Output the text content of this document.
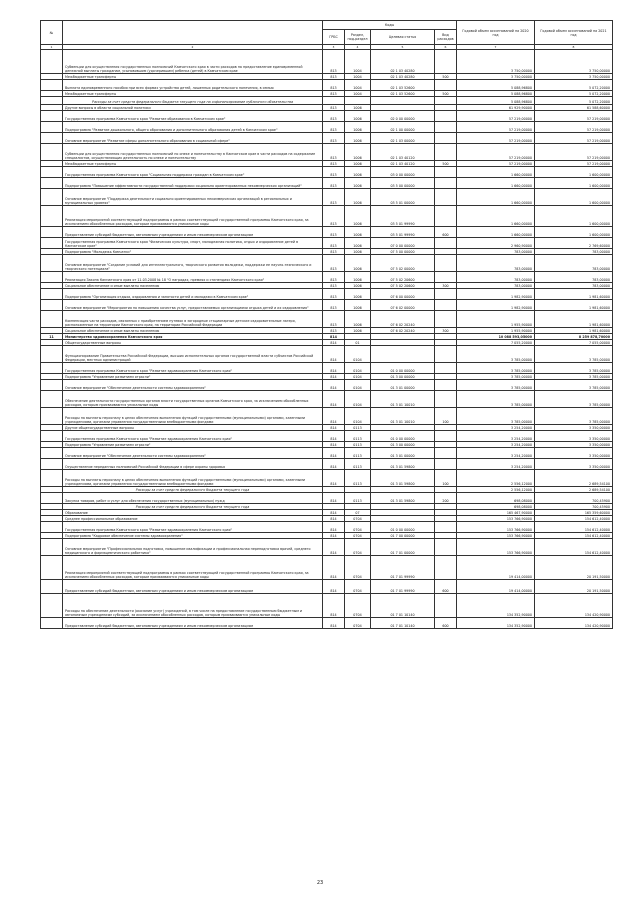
№		Коды				Годовой объем ассигнований на 2020 год	Годовой объем ассигнований на 2021 год
		ГРБС	Раздел, под-раздел	Целевая статья	Вид расходов		
1	2	3	4	5	6	7	8
	Субвенции для осуществления государственных полномочий Камчатского края в части расходов на предоставление единовременной денежной выплаты гражданам, усыновившим (удочерившим) ребенка (детей) в Камчатском крае	813	1004	02 1 03 40280		3 750,00000	3 750,00000
	Межбюджетные трансферты	813	1004	02 1 03 40280	500	3 750,00000	3 750,00000
	Выплата единовременного пособия при всех формах устройства детей, лишенных родительского попечения, в семью	813	1004	02 1 03 52600		5 088,96800	5 072,20000
	Межбюджетные трансферты	813	1004	02 1 03 52600	500	5 088,96800	5 072,20000
	Расходы за счет средств федерального бюджета текущего года на софинансирование публичного обязательства					5 088,96800	5 072,20000
	Другие вопросы в области социальной политики	813	1006			61 929,90000	61 588,60000
	Государственная программа Камчатского края "Развитие образования в Камчатском крае"	813	1006	02 0 00 00000		57 219,00000	57 219,00000
	Подпрограмма "Развитие дошкольного, общего образования и дополнительного образования детей в Камчатском крае"	813	1006	02 1 00 00000		57 219,00000	57 219,00000
	Основное мероприятие "Развитие сферы дополнительного образования в социальной сфере"	813	1006	02 1 03 00000		57 219,00000	57 219,00000
	Субвенции для осуществления государственных полномочий по опеке и попечительству в Камчатском крае в части расходов на содержание специалистов, осуществляющих деятельность по опеке и попечительству	813	1006	02 1 03 40120		57 219,00000	57 219,00000
	Межбюджетные трансферты	813	1006	02 1 03 40120	500	57 219,00000	57 219,00000
	Государственная программа Камчатского края "Социальная поддержка граждан в Камчатском крае"	813	1006	03 0 00 00000		1 660,00000	1 600,00000
	Подпрограмма "Повышение эффективности государственной поддержки социально ориентированных некоммерческих организаций"	813	1006	03 5 00 00000		1 660,00000	1 600,00000
	Основное мероприятие "Поддержка деятельности социально ориентированных некоммерческих организаций в региональных и муниципальных уровнях"	813	1006	03 5 01 00000		1 660,00000	1 600,00000
	Реализация мероприятий соответствующей подпрограммы в рамках соответствующей государственной программы Камчатского края, за исключением обособленных расходов, которым присваиваются уникальные коды	813	1006	03 5 01 99990		1 660,00000	1 600,00000
	Предоставление субсидий бюджетным, автономным учреждениям и иным некоммерческим организациям	813	1006	03 5 01 99990	600	1 660,00000	1 600,00000
	Государственная программа Камчатского края "Физическая культура, спорт, молодежная политика, отдых и оздоровление детей в Камчатском крае"	813	1006	07 0 00 00000		2 960,90000	2 769,60000
	Подпрограмма "Молодежь Камчатки"	813	1006	07 5 00 00000		783,00000	783,00000
	Основное мероприятие "Создание условий для интеллектуального, творческого развития молодежи, поддержки ее научно-технического и творческого потенциала"	813	1006	07 5 02 00000		783,00000	783,00000
	Реализация Закона Камчатского края от 11.03.2008 № 18 "О наградах, премиях и стипендиях Камчатского края"	813	1006	07 5 02 20600		783,00000	783,00000
	Социальное обеспечение и иные выплаты населению	813	1006	07 5 02 20600	300	783,00000	783,00000
	Подпрограмма "Организация отдыха, оздоровления и занятости детей и молодежи в Камчатском крае"	813	1006	07 6 00 00000		1 982,90000	1 981,60000
	Основное мероприятие "Мероприятия по повышению качества услуг, предоставляемых организациями отдыха детей и их оздоровления"	813	1006	07 6 02 00000		1 982,90000	1 981,60000
	Компенсация части расходов, связанных с приобретением путевок в загородные стационарные детские оздоровительные лагеря, расположенные на территории Камчатского края, на территории Российской Федерации	813	1006	07 6 02 20240		1 955,90000	1 981,60000
	Социальное обеспечение и иные выплаты населению	813	1006	07 6 02 20240	300	1 955,90000	1 981,60000
11	Министерство здравоохранения Камчатского края	814				10 088 593,05000	8 259 878,70000
	Общегосударственные вопросы	814	01			7 055,20000	7 055,00000
	Функционирование Правительства Российской Федерации, высших исполнительных органов государственной власти субъектов Российской Федерации, местных администраций	814	0104			3 785,00000	3 785,00000
	Государственная программа Камчатского края "Развитие здравоохранения Камчатского края"	814	0104	01 0 00 00000		3 785,00000	3 785,00000
	Подпрограмма "Управление развитием отрасли"	814	0104	01 3 00 00000		3 785,00000	3 785,00000
	Основное мероприятие "Обеспечение деятельности системы здравоохранения"	814	0104	01 3 01 00000		3 785,00000	3 785,00000
	Обеспечение деятельности государственных органов власти государственных органов Камчатского края, за исключением обособленных расходов, которым присваиваются уникальные коды	814	0104	01 3 01 10010		3 785,00000	3 785,00000
	Расходы на выплаты персоналу в целях обеспечения выполнения функций государственными (муниципальными) органами, казенными учреждениями, органами управления государственными внебюджетными фондами	814	0104	01 3 01 10010	100	3 785,00000	3 785,00000
	Другие общегосударственные вопросы	814	0113			3 254,20000	3 350,00000
	Государственная программа Камчатского края "Развитие здравоохранения Камчатского края"	814	0113	01 0 00 00000		3 254,20000	3 350,00000
	Подпрограмма "Управление развитием отрасли"	814	0113	01 3 00 00000		3 254,20000	3 350,00000
	Основное мероприятие "Обеспечение деятельности системы здравоохранения"	814	0113	01 3 01 00000		3 254,20000	3 350,00000
	Осуществление переданных полномочий Российской Федерации в сфере охраны здоровья	814	0113	01 3 01 59800		3 254,20000	3 350,00000
	Расходы на выплаты персоналу в целях обеспечения выполнения функций государственными (муниципальными) органами, казенными учреждениями, органами управления государственными внебюджетными фондами	814	0113	01 3 01 59800	100	2 556,12000	2 689,54100
	Расходы за счет средств федерального бюджета текущего года					2 556,12000	2 689,54100
	Закупка товаров, работ и услуг для обеспечения государственных (муниципальных) нужд	814	0113	01 3 01 59800	200	698,08000	700,45900
	Расходы за счет средств федерального бюджета текущего года					698,08000	700,45900
	Образование	814	07			165 467,90000	165 359,60000
	Среднее профессиональное образование	814	0704			153 766,90000	154 612,40000
	Государственная программа Камчатского края "Развитие здравоохранения Камчатского края"	814	0704	01 0 00 00000		153 766,90000	154 612,40000
	Подпрограмма "Кадровое обеспечение системы здравоохранения"	814	0704	01 7 00 00000		153 766,90000	154 612,40000
	Основное мероприятие "Профессиональная подготовка, повышение квалификации и профессиональная переподготовка врачей, среднего медицинского и фармацевтического работника"	814	0704	01 7 01 00000		153 766,90000	154 612,40000
	Реализация мероприятий соответствующей подпрограммы в рамках соответствующей государственной программы Камчатского края, за исключением обособленных расходов, которым присваиваются уникальные коды	814	0704	01 7 01 99990		19 414,00000	20 191,50000
	Предоставление субсидий бюджетным, автономным учреждениям и иным некоммерческим организациям	814	0704	01 7 01 99990	600	19 414,00000	20 191,50000
	Расходы на обеспечение деятельности (оказание услуг) учреждений, в том числе на предоставление государственным бюджетным и автономным учреждениям субсидий, за исключением обособленных расходов, которым присваиваются уникальные коды	814	0704	01 7 01 10140		134 352,90000	134 420,90000
	Предоставление субсидий бюджетным, автономным учреждениям и иным некоммерческим организациям	814	0704	01 7 01 10140	600	134 352,90000	134 420,90000
23
